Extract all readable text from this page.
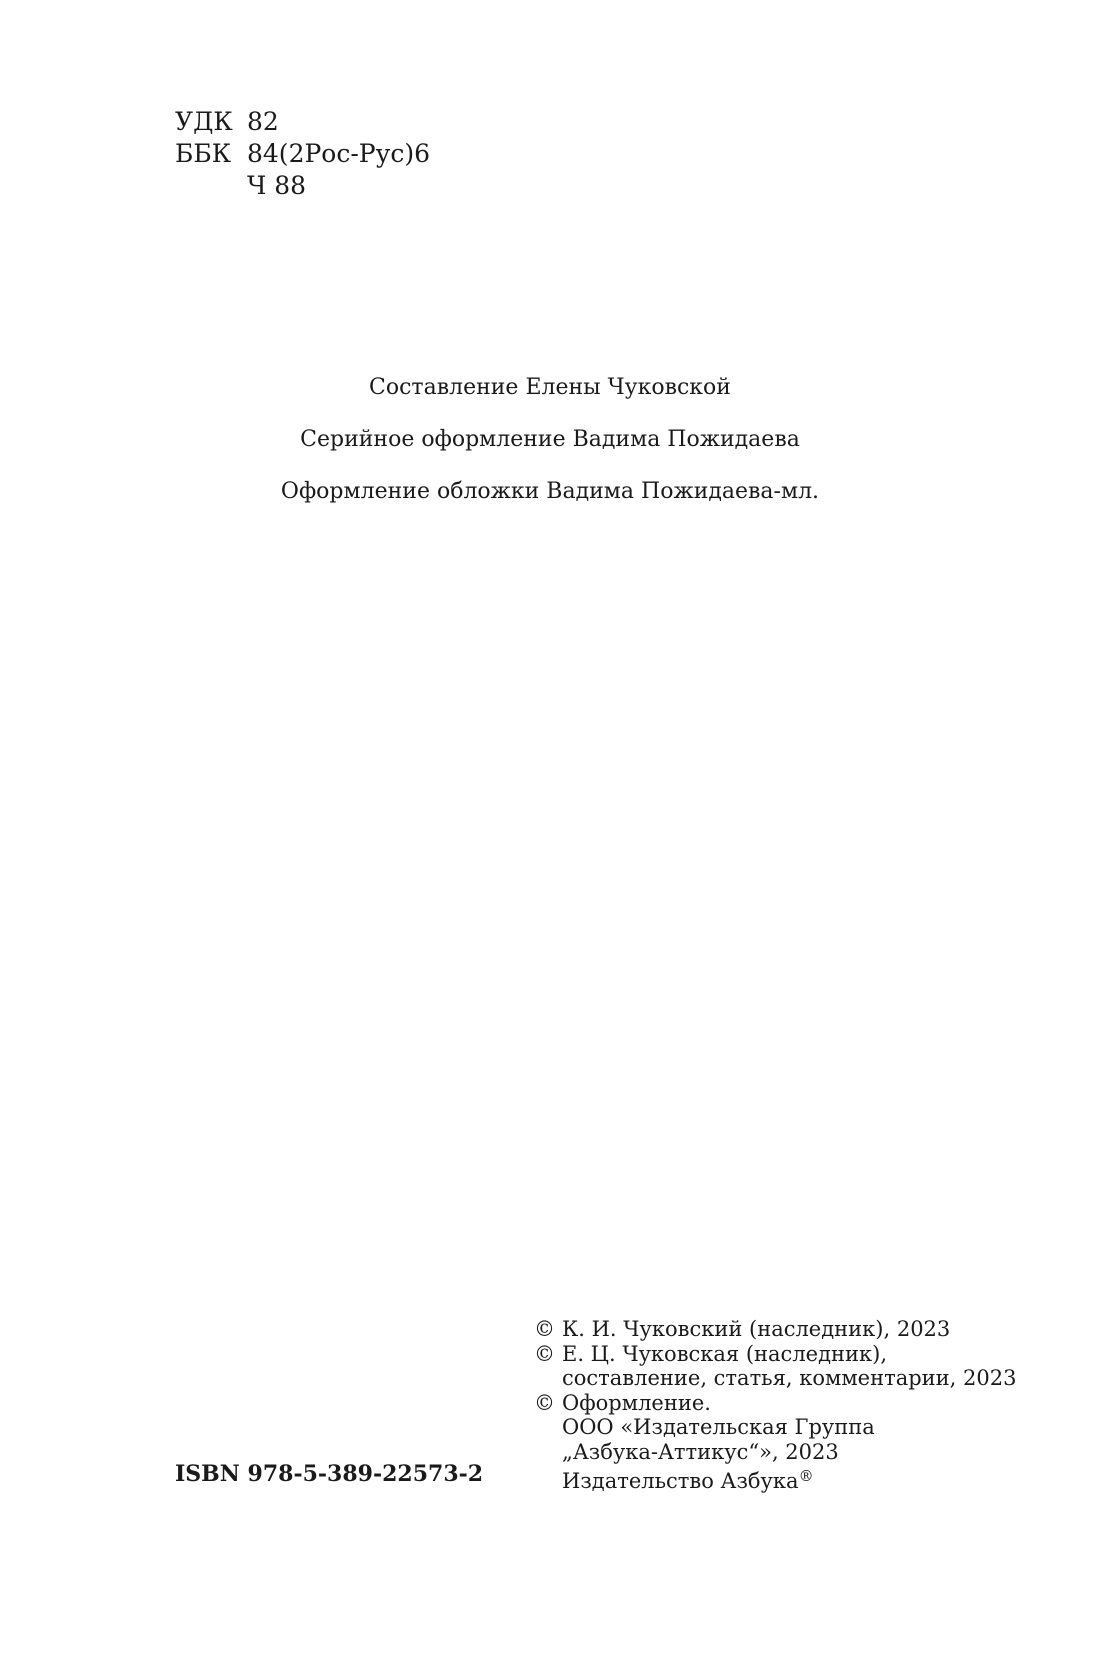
УДК 82
ББК 84(2Рос-Рус)6
Ч 88
Составление Елены Чуковской
Серийное оформление Вадима Пожидаева
Оформление обложки Вадима Пожидаева-мл.
ISBN 978-5-389-22573-2
© К. И. Чуковский (наследник), 2023
© Е. Ц. Чуковская (наследник),
составление, статья, комментарии, 2023
© Оформление.
ООО «Издательская Группа
„Азбука-Аттикус“», 2023
Издательство Азбука®
